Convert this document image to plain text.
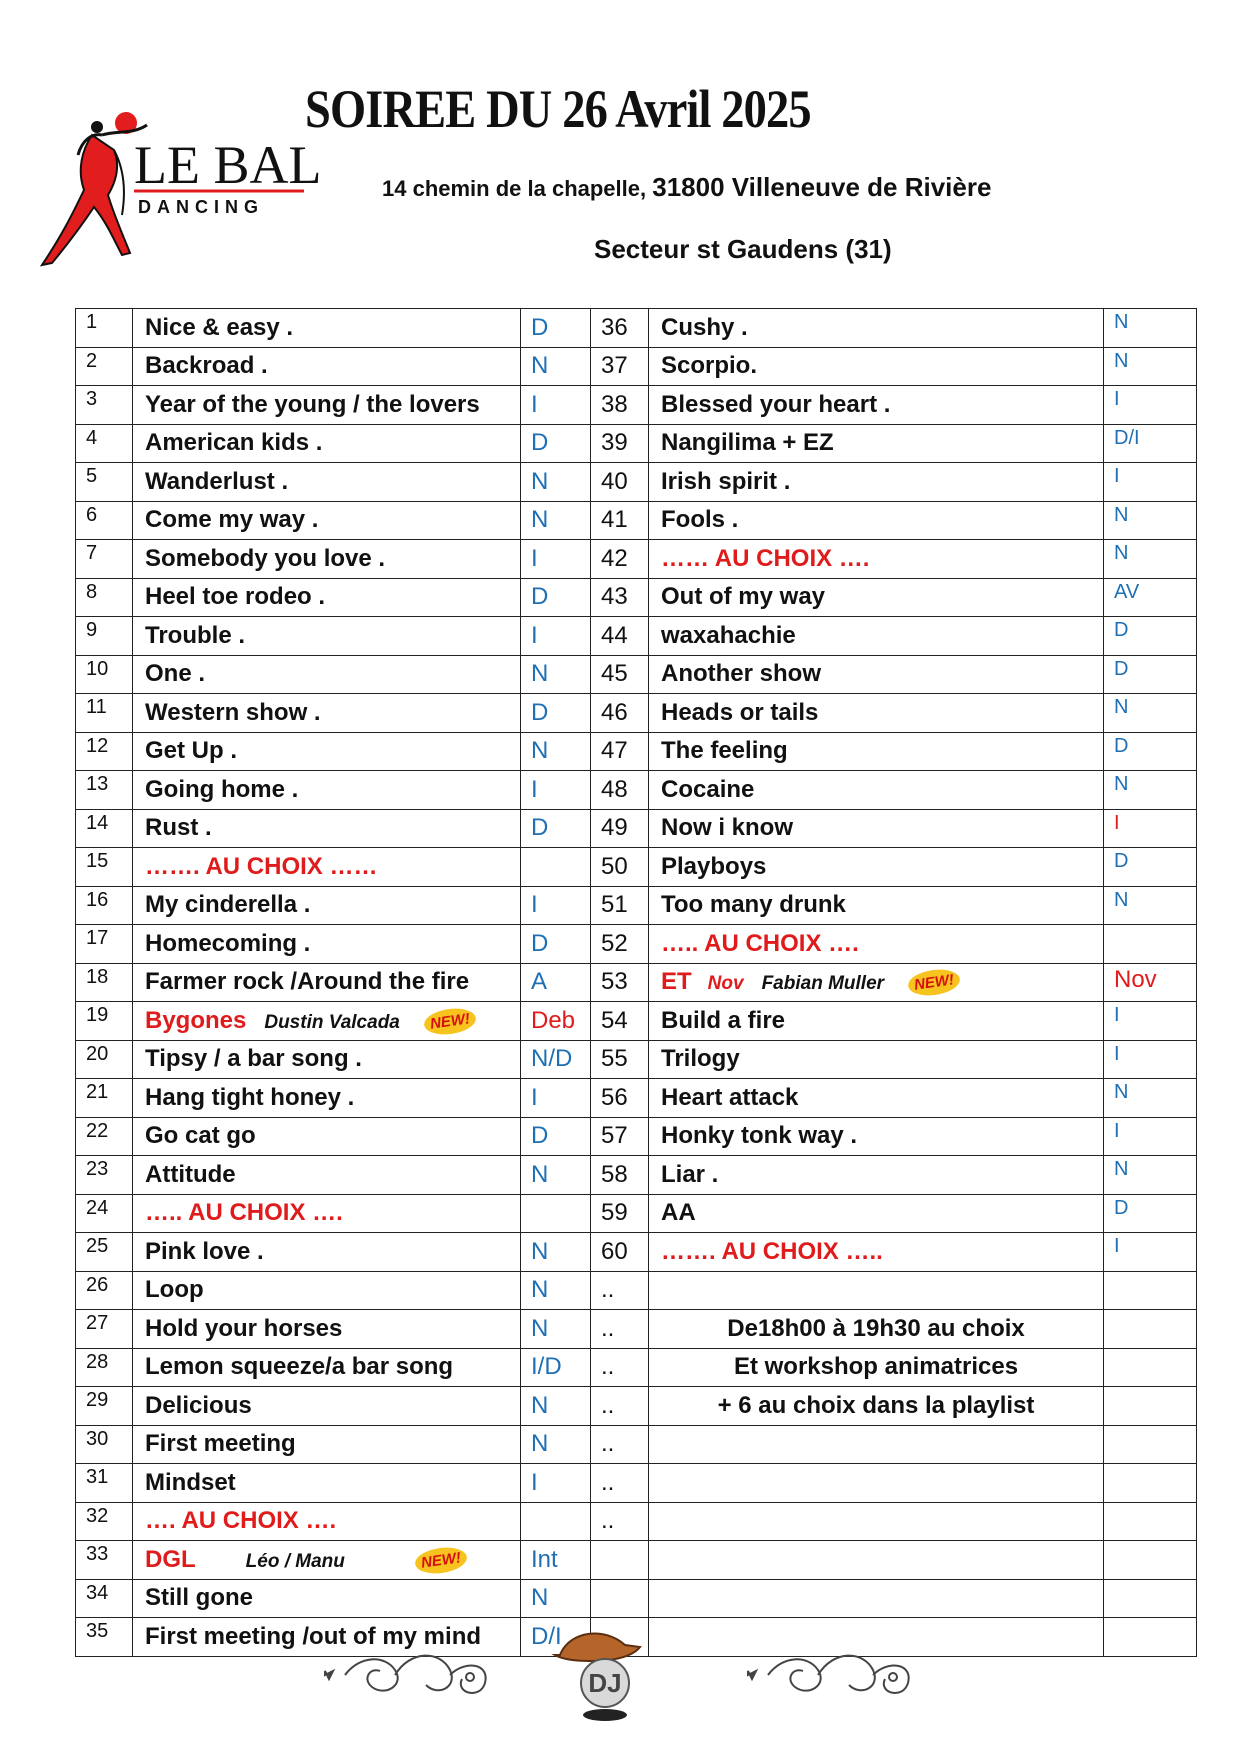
SOIREE DU 26 Avril 2025
14 chemin de la chapelle, 31800 Villeneuve de Rivière
Secteur st Gaudens (31)
LE BAL
DANCING
1	Nice & easy .	D	36	Cushy .	N
2	Backroad .	N	37	Scorpio.	N
3	Year of the young / the lovers	I	38	Blessed your heart .	I
4	American kids .	D	39	Nangilima + EZ	D/I
5	Wanderlust .	N	40	Irish spirit .	I
6	Come my way .	N	41	Fools .	N
7	Somebody you love .	I	42	…… AU CHOIX ….	N
8	Heel toe rodeo .	D	43	Out of my way	AV
9	Trouble .	I	44	waxahachie	D
10	One .	N	45	Another show	D
11	Western show .	D	46	Heads or tails	N
12	Get Up .	N	47	The feeling	D
13	Going home .	I	48	Cocaine	N
14	Rust .	D	49	Now i know	I
15	……. AU CHOIX ……		50	Playboys	D
16	My cinderella .	I	51	Too many drunk	N
17	Homecoming .	D	52	….. AU CHOIX ….	
18	Farmer rock /Around the fire	A	53	ET Nov Fabian Muller NEW!	Nov
19	Bygones Dustin Valcada NEW!	Deb	54	Build a fire	I
20	Tipsy / a bar song .	N/D	55	Trilogy	I
21	Hang tight honey .	I	56	Heart attack	N
22	Go cat go	D	57	Honky tonk way .	I
23	Attitude	N	58	Liar .	N
24	….. AU CHOIX ….		59	AA	D
25	Pink love .	N	60	……. AU CHOIX …..	I
26	Loop	N	..		
27	Hold your horses	N	..	De18h00 à 19h30 au choix	
28	Lemon squeeze/a bar song	I/D	..	Et workshop animatrices	
29	Delicious	N	..	+ 6 au choix dans la playlist	
30	First meeting	N	..		
31	Mindset	I	..		
32	…. AU CHOIX ….		..		
33	DGL Léo / Manu NEW!	Int			
34	Still gone	N			
35	First meeting /out of my mind	D/I			
DJ
